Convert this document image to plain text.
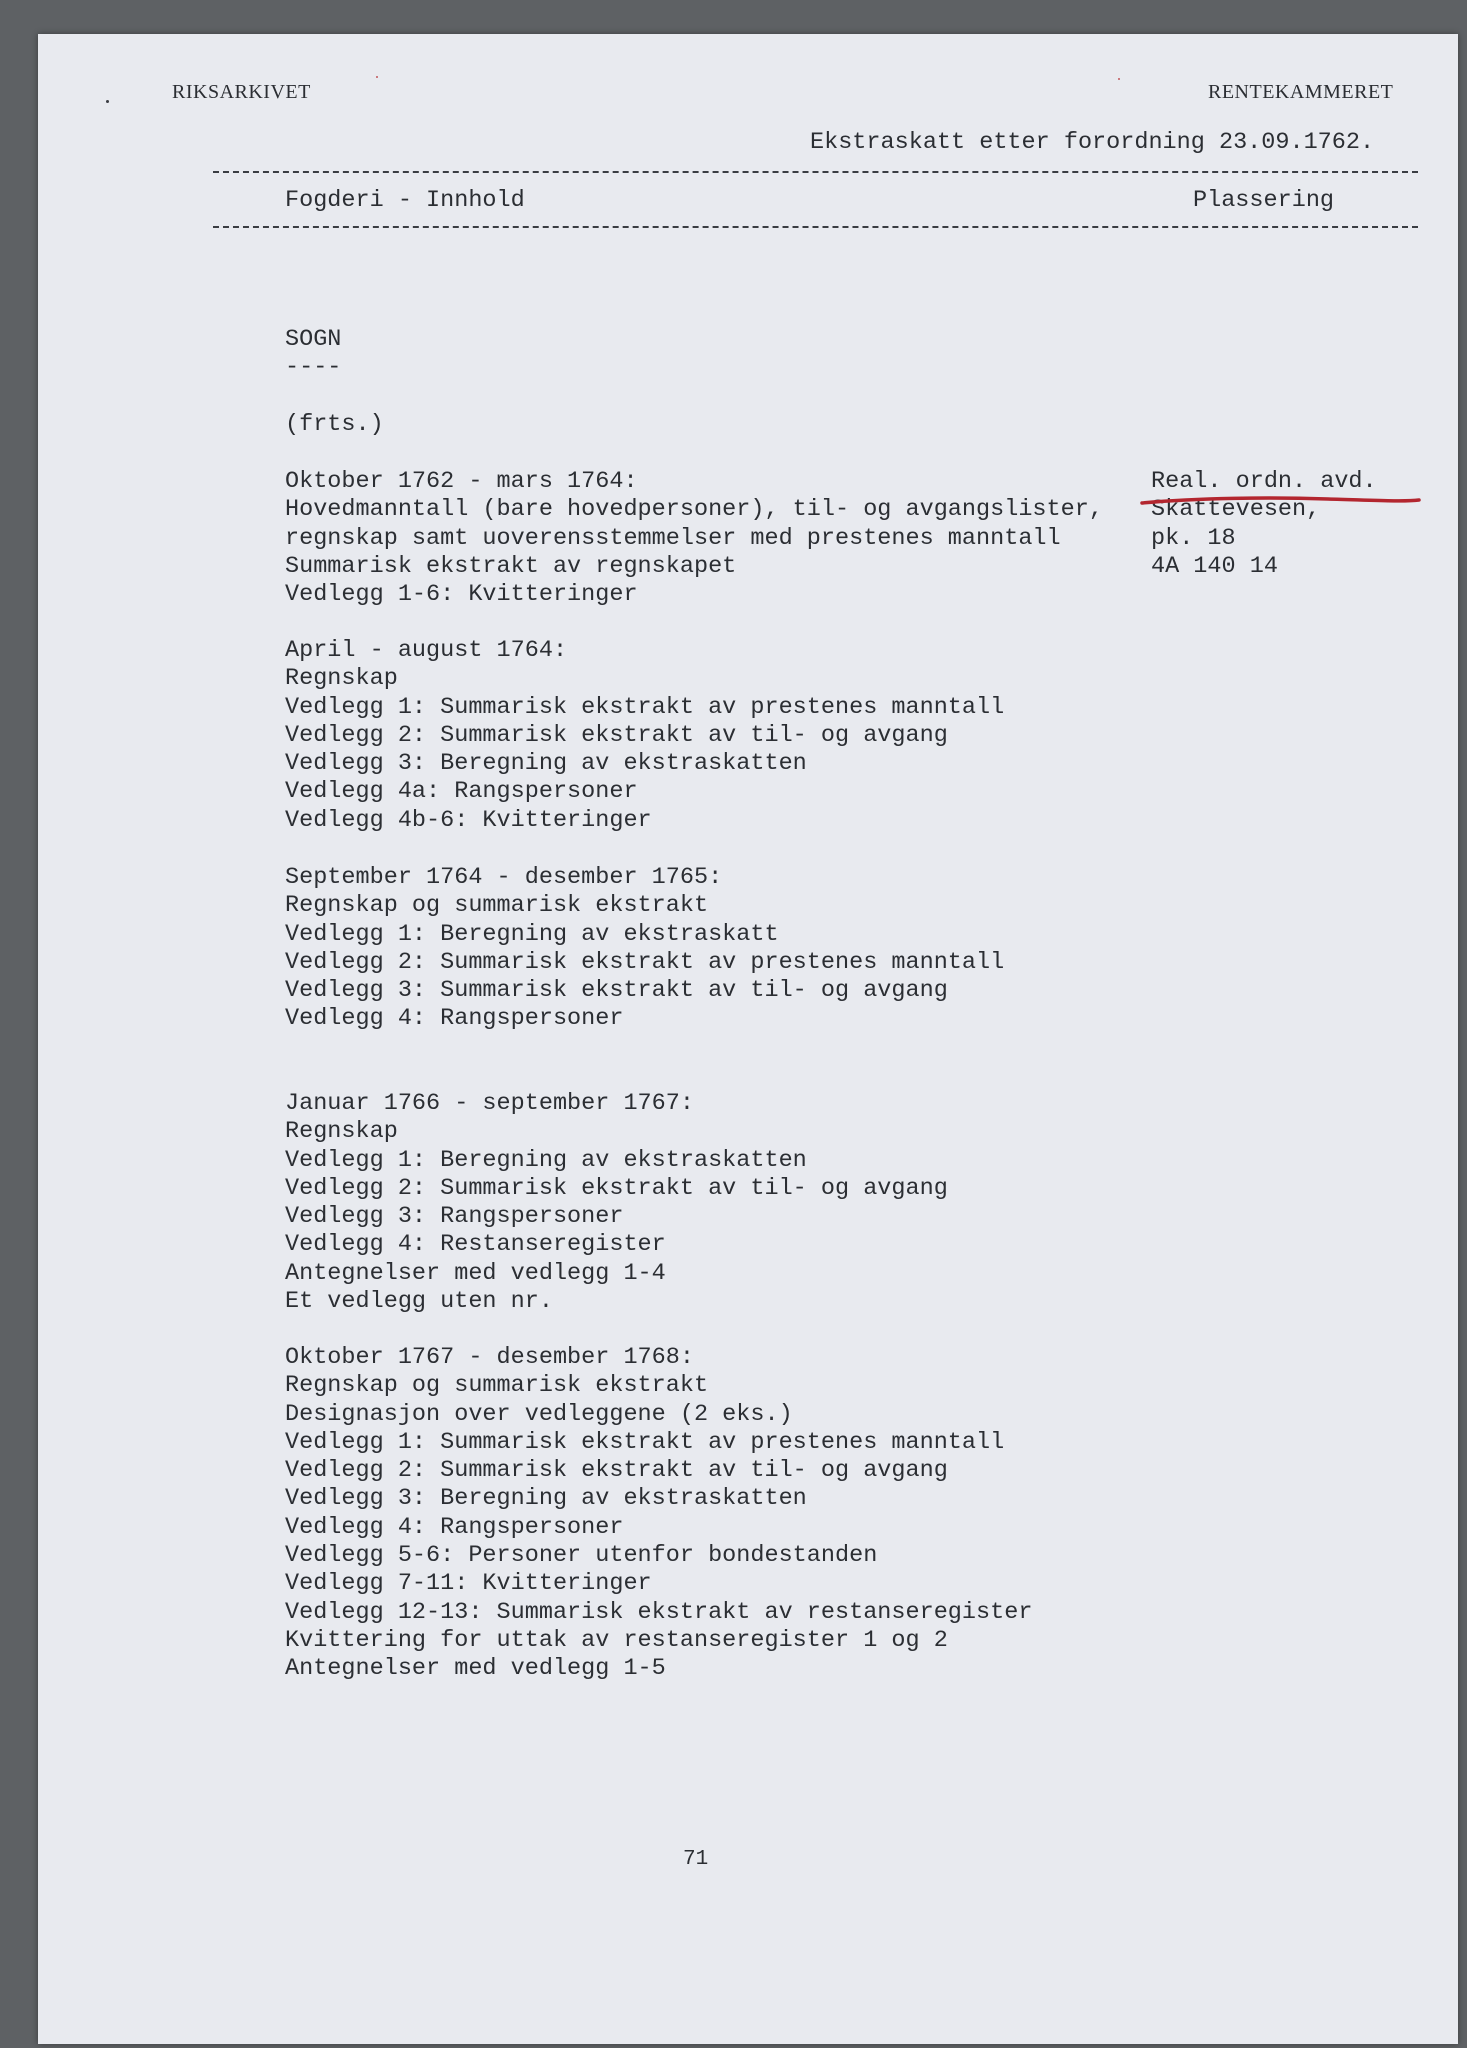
RIKSARKIVET	RENTEKAMMERET
Ekstraskatt etter forordning 23.09.1762.
Fogderi - Innhold	Plassering
SOGN
----
(frts.)
Oktober 1762 - mars 1764:
Hovedmanntall (bare hovedpersoner), til- og avgangslister,
regnskap samt uoverensstemmelser med prestenes manntall
Summarisk ekstrakt av regnskapet
Vedlegg 1-6: Kvitteringer
Real. ordn. avd.
Skattevesen,
pk. 18
4A 140 14
April - august 1764:
Regnskap
Vedlegg 1: Summarisk ekstrakt av prestenes manntall
Vedlegg 2: Summarisk ekstrakt av til- og avgang
Vedlegg 3: Beregning av ekstraskatten
Vedlegg 4a: Rangspersoner
Vedlegg 4b-6: Kvitteringer
September 1764 - desember 1765:
Regnskap og summarisk ekstrakt
Vedlegg 1: Beregning av ekstraskatt
Vedlegg 2: Summarisk ekstrakt av prestenes manntall
Vedlegg 3: Summarisk ekstrakt av til- og avgang
Vedlegg 4: Rangspersoner
Januar 1766 - september 1767:
Regnskap
Vedlegg 1: Beregning av ekstraskatten
Vedlegg 2: Summarisk ekstrakt av til- og avgang
Vedlegg 3: Rangspersoner
Vedlegg 4: Restanseregister
Antegnelser med vedlegg 1-4
Et vedlegg uten nr.
Oktober 1767 - desember 1768:
Regnskap og summarisk ekstrakt
Designasjon over vedleggene (2 eks.)
Vedlegg 1: Summarisk ekstrakt av prestenes manntall
Vedlegg 2: Summarisk ekstrakt av til- og avgang
Vedlegg 3: Beregning av ekstraskatten
Vedlegg 4: Rangspersoner
Vedlegg 5-6: Personer utenfor bondestanden
Vedlegg 7-11: Kvitteringer
Vedlegg 12-13: Summarisk ekstrakt av restanseregister
Kvittering for uttak av restanseregister 1 og 2
Antegnelser med vedlegg 1-5
71
